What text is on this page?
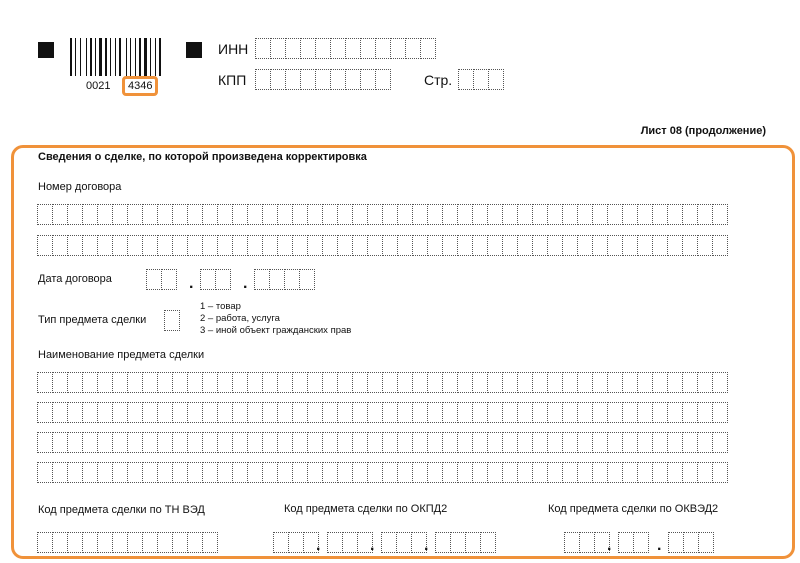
0021	4346
ИНН
КПП	Стр.
Лист 08 (продолжение)
Сведения о сделке, по которой произведена корректировка
Номер договора
Дата договора	.	.
Тип предмета сделки
1 – товар
2 – работа, услуга
3 – иной объект гражданских прав
Наименование предмета сделки
Код предмета сделки по ТН ВЭД	Код предмета сделки по ОКПД2
.	.	.
Код предмета сделки по ОКВЭД2
.	.
